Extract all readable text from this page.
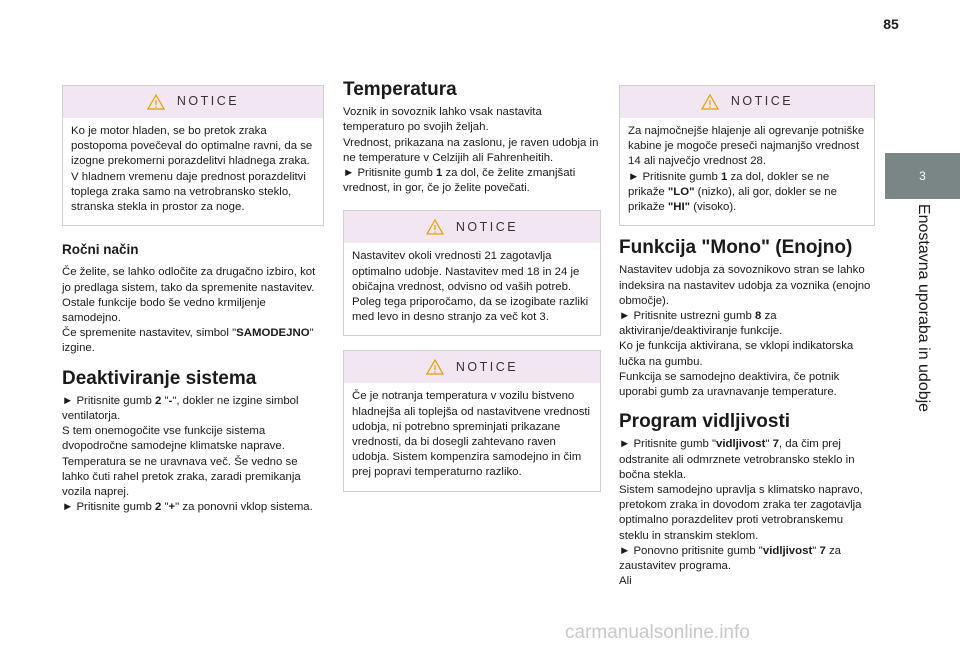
85
3
Enostavna uporaba in udobje
NOTICE

Ko je motor hladen, se bo pretok zraka postopoma povečeval do optimalne ravni, da se izogne prekomerni porazdelitvi hladnega zraka.
V hladnem vremenu daje prednost porazdelitvi toplega zraka samo na vetrobransko steklo, stranska stekla in prostor za noge.

Ročni način

Če želite, se lahko odločite za drugačno izbiro, kot jo predlaga sistem, tako da spremenite nastavitev. Ostale funkcije bodo še vedno krmiljenje samodejno.
Če spremenite nastavitev, simbol "SAMODEJNO" izgine.

Deaktiviranje sistema

► Pritisnite gumb 2 "-", dokler ne izgine simbol ventilatorja.
S tem onemogočite vse funkcije sistema dvopodročne samodejne klimatske naprave.
Temperatura se ne uravnava več. Še vedno se lahko čuti rahel pretok zraka, zaradi premikanja vozila naprej.
► Pritisnite gumb 2 "+" za ponovni vklop sistema.

Temperatura

Voznik in sovoznik lahko vsak nastavita temperaturo po svojih željah.
Vrednost, prikazana na zaslonu, je raven udobja in ne temperature v Celzijih ali Fahrenheitih.
► Pritisnite gumb 1 za dol, če želite zmanjšati vrednost, in gor, če jo želite povečati.

NOTICE

Nastavitev okoli vrednosti 21 zagotavlja optimalno udobje. Nastavitev med 18 in 24 je običajna vrednost, odvisno od vaših potreb. Poleg tega priporočamo, da se izogibate razliki med levo in desno stranjo za več kot 3.

NOTICE

Če je notranja temperatura v vozilu bistveno hladnejša ali toplejša od nastavitvene vrednosti udobja, ni potrebno spreminjati prikazane vrednosti, da bi dosegli zahtevano raven udobja. Sistem kompenzira samodejno in čim prej popravi temperaturno razliko.

NOTICE

Za najmočnejše hlajenje ali ogrevanje potniške kabine je mogoče preseči najmanjšo vrednost 14 ali največjo vrednost 28.
► Pritisnite gumb 1 za dol, dokler se ne prikaže "LO" (nizko), ali gor, dokler se ne prikaže "HI" (visoko).

Funkcija "Mono" (Enojno)

Nastavitev udobja za sovoznikovo stran se lahko indeksira na nastavitev udobja za voznika (enojno območje).
► Pritisnite ustrezni gumb 8 za aktiviranje/deaktiviranje funkcije.
Ko je funkcija aktivirana, se vklopi indikatorska lučka na gumbu.
Funkcija se samodejno deaktivira, če potnik uporabi gumb za uravnavanje temperature.

Program vidljivosti

► Pritisnite gumb "vidljivost" 7, da čim prej odstranite ali odmrznete vetrobransko steklo in bočna stekla.
Sistem samodejno upravlja s klimatsko napravo, pretokom zraka in dovodom zraka ter zagotavlja optimalno porazdelitev proti vetrobranskemu steklu in stranskim steklom.
► Ponovno pritisnite gumb "vidljivost" 7 za zaustavitev programa.
Ali

carmanualsonline.info
